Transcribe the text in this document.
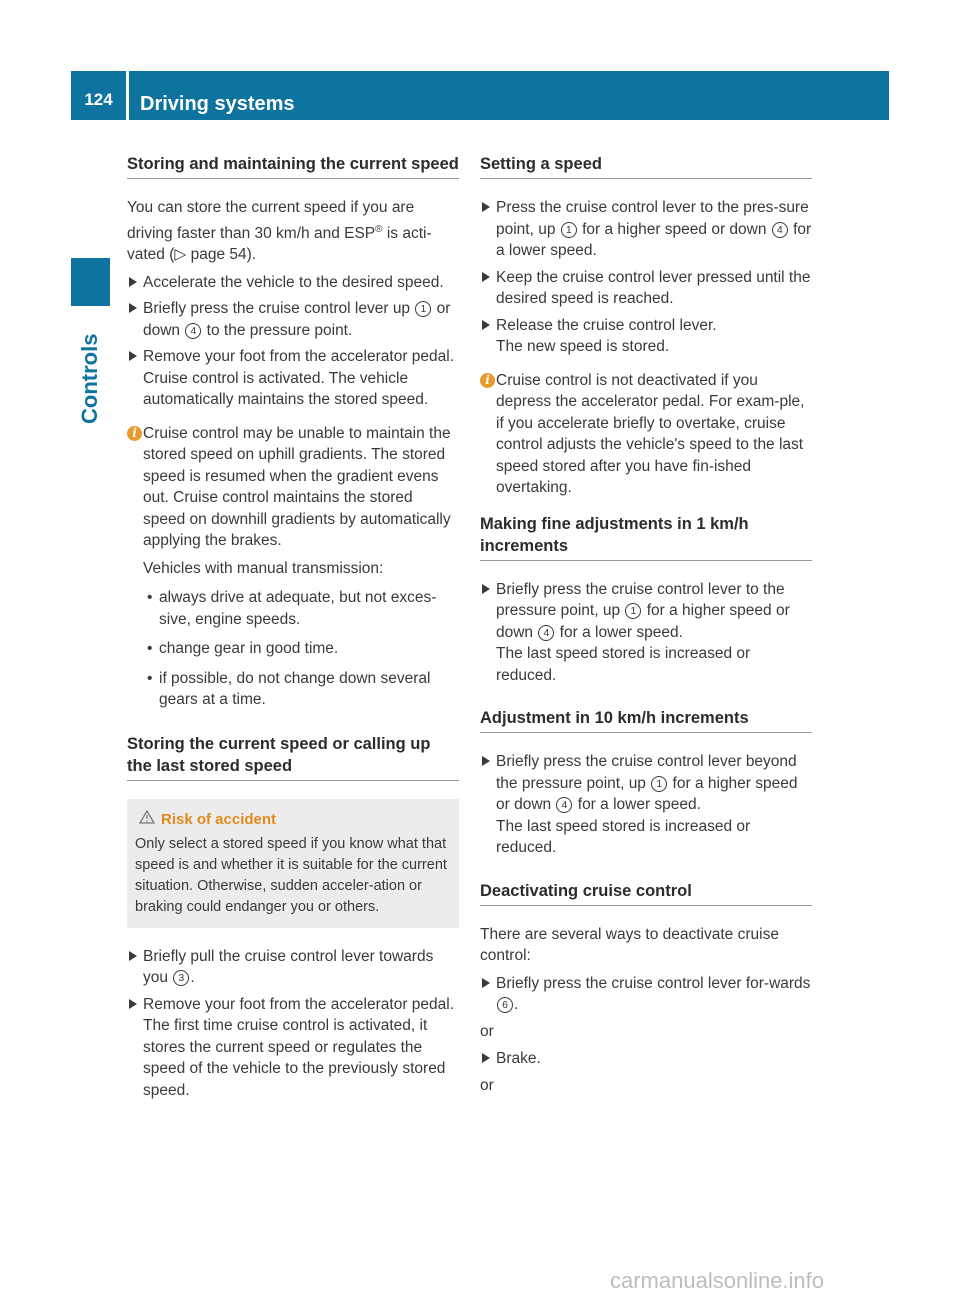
124	Driving systems
Controls
Storing and maintaining the current speed

You can store the current speed if you are driving faster than 30 km/h and ESP® is acti-vated (▷ page 54).

Accelerate the vehicle to the desired speed.
Briefly press the cruise control lever up 1 or down 4 to the pressure point.
Remove your foot from the accelerator pedal.
Cruise control is activated. The vehicle automatically maintains the stored speed.
i Cruise control may be unable to maintain the stored speed on uphill gradients. The stored speed is resumed when the gradient evens out. Cruise control maintains the stored speed on downhill gradients by automatically applying the brakes.
Vehicles with manual transmission:
• always drive at adequate, but not exces-sive, engine speeds.
• change gear in good time.
• if possible, do not change down several gears at a time.
Storing the current speed or calling up the last stored speed
Risk of accident
Only select a stored speed if you know what that speed is and whether it is suitable for the current situation. Otherwise, sudden acceler-ation or braking could endanger you or others.
Briefly pull the cruise control lever towards you 3 .
Remove your foot from the accelerator pedal.
The first time cruise control is activated, it stores the current speed or regulates the speed of the vehicle to the previously stored speed.
Setting a speed
Press the cruise control lever to the pres-sure point, up 1 for a higher speed or down 4 for a lower speed.
Keep the cruise control lever pressed until the desired speed is reached.
Release the cruise control lever.
The new speed is stored.
i Cruise control is not deactivated if you depress the accelerator pedal. For exam-ple, if you accelerate briefly to overtake, cruise control adjusts the vehicle's speed to the last speed stored after you have fin-ished overtaking.
Making fine adjustments in 1 km/h increments
Briefly press the cruise control lever to the pressure point, up 1 for a higher speed or down 4 for a lower speed.
The last speed stored is increased or reduced.
Adjustment in 10 km/h increments
Briefly press the cruise control lever beyond the pressure point, up 1 for a higher speed or down 4 for a lower speed.
The last speed stored is increased or reduced.
Deactivating cruise control

There are several ways to deactivate cruise control:

Briefly press the cruise control lever for-wards 6 .

or

Brake.

or

carmanualsonline.info
